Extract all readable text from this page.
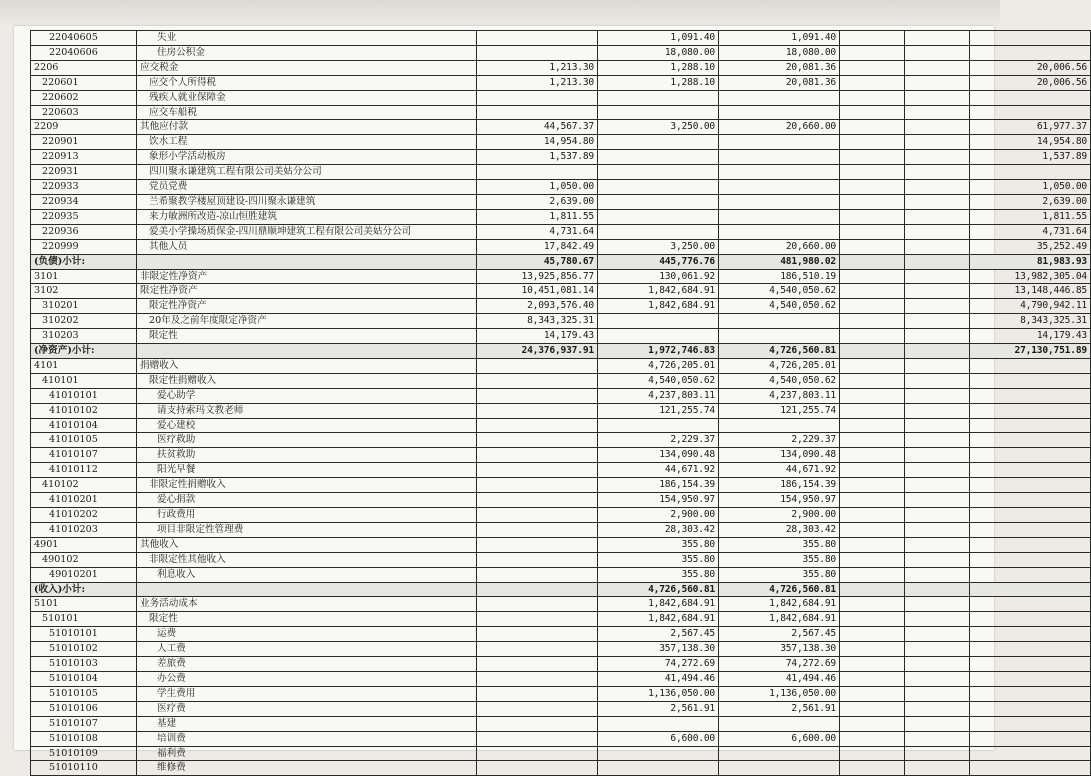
22040605	失业		1,091.40	1,091.40			
22040606	住房公积金		18,080.00	18,080.00			
2206	应交税金	1,213.30	1,288.10	20,081.36			20,006.56
220601	应交个人所得税	1,213.30	1,288.10	20,081.36			20,006.56
220602	残疾人就业保障金						
220603	应交车船税						
2209	其他应付款	44,567.37	3,250.00	20,660.00			61,977.37
220901	饮水工程	14,954.80					14,954.80
220913	象形小学活动板房	1,537.89					1,537.89
220931	四川聚永谦建筑工程有限公司美姑分公司						
220933	党员党费	1,050.00					1,050.00
220934	兰希聚教学楼屋顶建设-四川聚永谦建筑	2,639.00					2,639.00
220935	来力敏洲所改造-凉山恒胜建筑	1,811.55					1,811.55
220936	爱美小学操场质保金-四川鼎顺坤建筑工程有限公司美姑分公司	4,731.64					4,731.64
220999	其他人员	17,842.49	3,250.00	20,660.00			35,252.49
(负债)小计:		45,780.67	445,776.76	481,980.02			81,983.93
3101	非限定性净资产	13,925,856.77	130,061.92	186,510.19			13,982,305.04
3102	限定性净资产	10,451,081.14	1,842,684.91	4,540,050.62			13,148,446.85
310201	限定性净资产	2,093,576.40	1,842,684.91	4,540,050.62			4,790,942.11
310202	20年及之前年度限定净资产	8,343,325.31					8,343,325.31
310203	限定性	14,179.43					14,179.43
(净资产)小计:		24,376,937.91	1,972,746.83	4,726,560.81			27,130,751.89
4101	捐赠收入		4,726,205.01	4,726,205.01			
410101	限定性捐赠收入		4,540,050.62	4,540,050.62			
41010101	爱心助学		4,237,803.11	4,237,803.11			
41010102	请支持索玛文教老师		121,255.74	121,255.74			
41010104	爱心建校						
41010105	医疗救助		2,229.37	2,229.37			
41010107	扶贫救助		134,090.48	134,090.48			
41010112	阳光早餐		44,671.92	44,671.92			
410102	非限定性捐赠收入		186,154.39	186,154.39			
41010201	爱心捐款		154,950.97	154,950.97			
41010202	行政费用		2,900.00	2,900.00			
41010203	项目非限定性管理费		28,303.42	28,303.42			
4901	其他收入		355.80	355.80			
490102	非限定性其他收入		355.80	355.80			
49010201	利息收入		355.80	355.80			
(收入)小计:			4,726,560.81	4,726,560.81			
5101	业务活动成本		1,842,684.91	1,842,684.91			
510101	限定性		1,842,684.91	1,842,684.91			
51010101	运费		2,567.45	2,567.45			
51010102	人工费		357,138.30	357,138.30			
51010103	差旅费		74,272.69	74,272.69			
51010104	办公费		41,494.46	41,494.46			
51010105	学生费用		1,136,050.00	1,136,050.00			
51010106	医疗费		2,561.91	2,561.91			
51010107	基建						
51010108	培训费		6,600.00	6,600.00			
51010109	福利费						
51010110	维修费						
